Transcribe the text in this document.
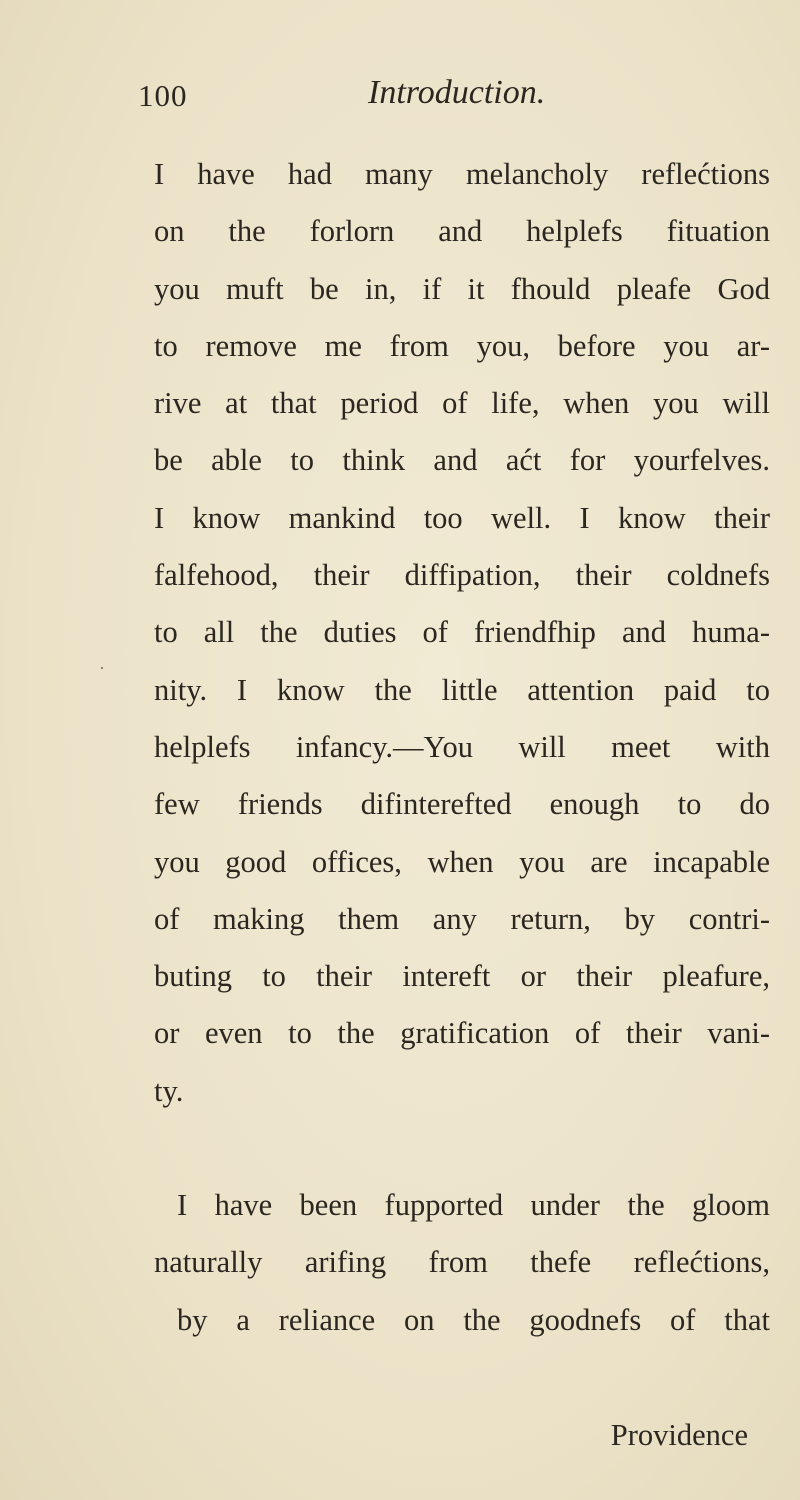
100	Introduction.
·
I have had many melancholy reflećtions
on the forlorn and helplefs fituation
you muft be in, if it fhould pleafe God
to remove me from you, before you ar-
rive at that period of life, when you will
be able to think and aćt for yourfelves.
I know mankind too well. I know their
falfehood, their diffipation, their coldnefs
to all the duties of friendfhip and huma-
nity. I know the little attention paid to
helplefs infancy.—You will meet with
few friends difinterefted enough to do
you good offices, when you are incapable
of making them any return, by contri-
buting to their intereft or their pleafure,
or even to the gratification of their vani-
ty.
I have been fupported under the gloom
naturally arifing from thefe reflećtions,
by a reliance on the goodnefs of that
Providence
